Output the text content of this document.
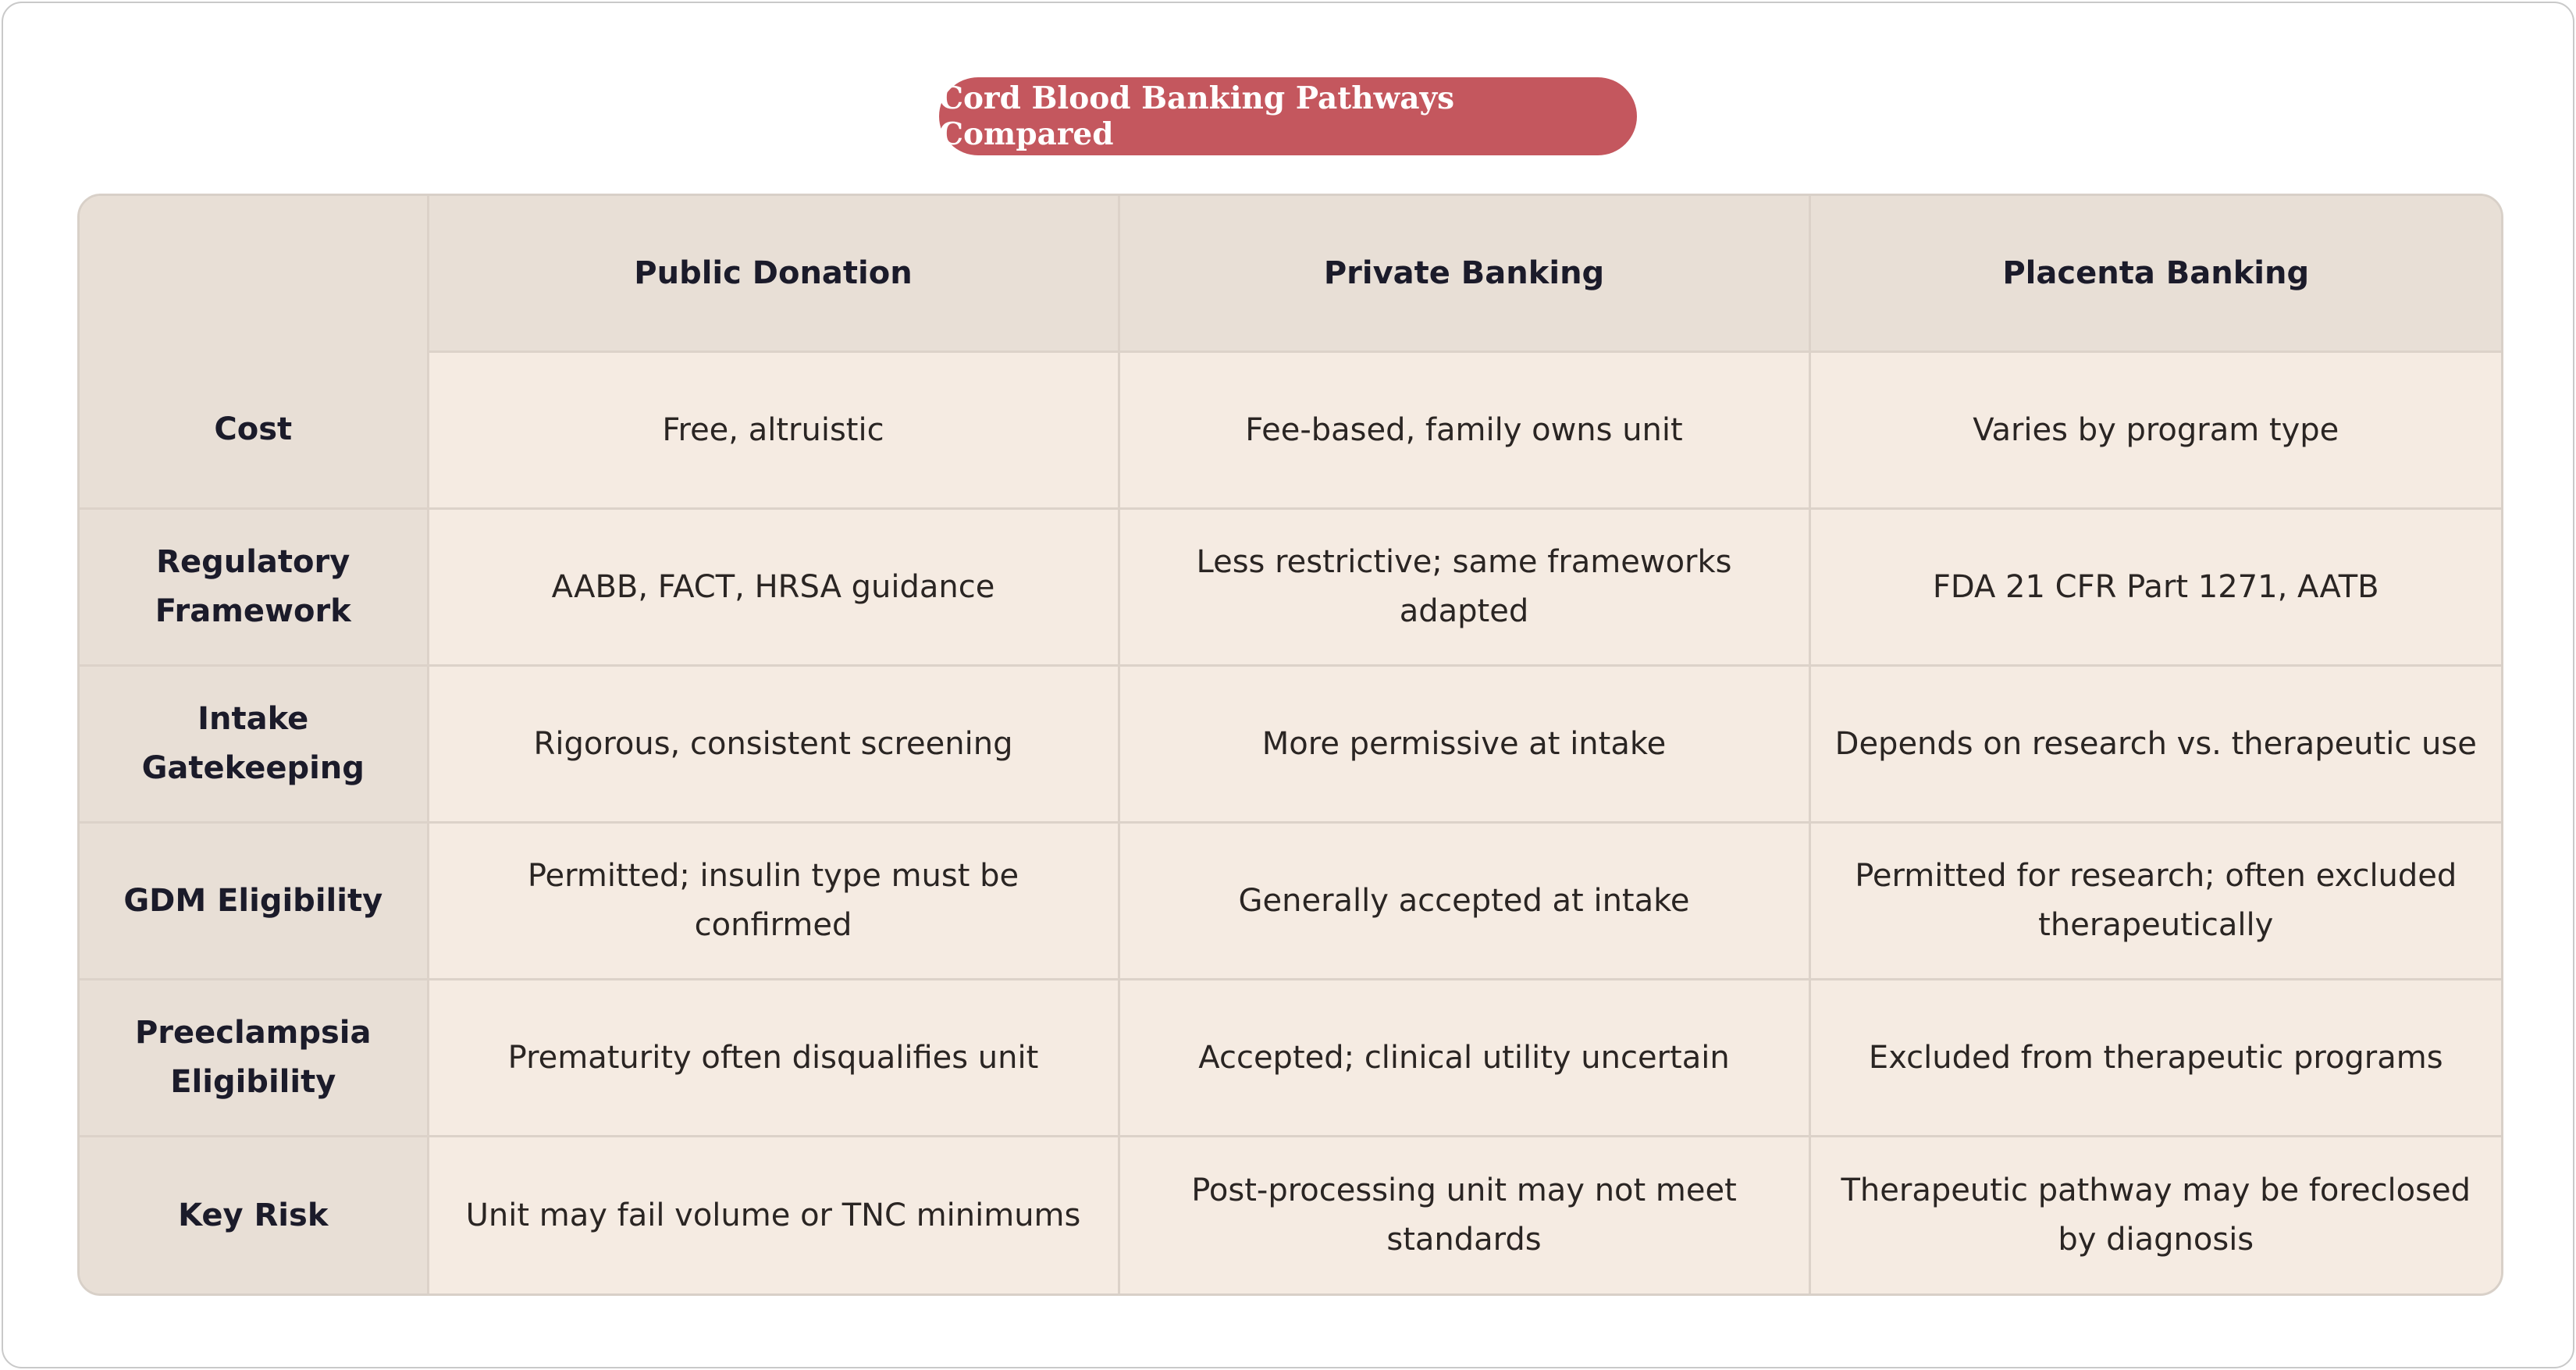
Cord Blood Banking Pathways Compared
	Public Donation	Private Banking	Placenta Banking
Cost	Free, altruistic	Fee-based, family owns unit	Varies by program type
Regulatory Framework	AABB, FACT, HRSA guidance	Less restrictive; same frameworks adapted	FDA 21 CFR Part 1271, AATB
Intake Gatekeeping	Rigorous, consistent screening	More permissive at intake	Depends on research vs. therapeutic use
GDM Eligibility	Permitted; insulin type must be confirmed	Generally accepted at intake	Permitted for research; often excluded therapeutically
Preeclampsia Eligibility	Prematurity often disqualifies unit	Accepted; clinical utility uncertain	Excluded from therapeutic programs
Key Risk	Unit may fail volume or TNC minimums	Post-processing unit may not meet standards	Therapeutic pathway may be foreclosed by diagnosis
